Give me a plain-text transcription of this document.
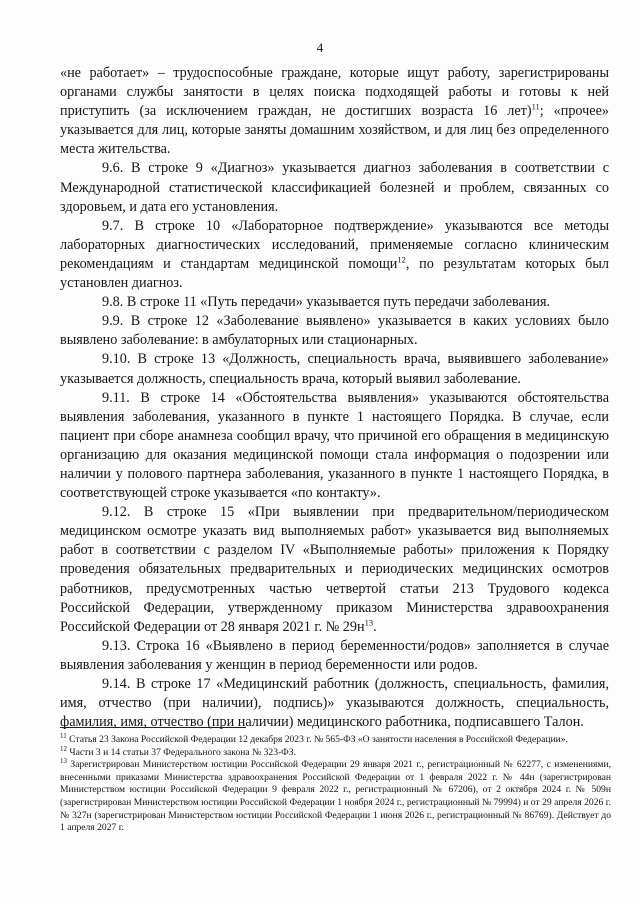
4

«не работает» – трудоспособные граждане, которые ищут работу, зарегистрированы органами службы занятости в целях поиска подходящей работы и готовы к ней приступить (за исключением граждан, не достигших возраста 16 лет)$^{11}$; «прочее» указывается для лиц, которые заняты домашним хозяйством, и для лиц без определенного места жительства.

9.6. В строке 9 «Диагноз» указывается диагноз заболевания в соответствии с Международной статистической классификацией болезней и проблем, связанных со здоровьем, и дата его установления.

9.7. В строке 10 «Лабораторное подтверждение» указываются все методы лабораторных диагностических исследований, применяемые согласно клиническим рекомендациям и стандартам медицинской помощи$^{12}$, по результатам которых был установлен диагноз.

9.8. В строке 11 «Путь передачи» указывается путь передачи заболевания.

9.9. В строке 12 «Заболевание выявлено» указывается в каких условиях было выявлено заболевание: в амбулаторных или стационарных.

9.10. В строке 13 «Должность, специальность врача, выявившего заболевание» указывается должность, специальность врача, который выявил заболевание.

9.11. В строке 14 «Обстоятельства выявления» указываются обстоятельства выявления заболевания, указанного в пункте 1 настоящего Порядка. В случае, если пациент при сборе анамнеза сообщил врачу, что причиной его обращения в медицинскую организацию для оказания медицинской помощи стала информация о подозрении или наличии у полового партнера заболевания, указанного в пункте 1 настоящего Порядка, в соответствующей строке указывается «по контакту».

9.12. В строке 15 «При выявлении при предварительном/периодическом медицинском осмотре указать вид выполняемых работ» указывается вид выполняемых работ в соответствии с разделом IV «Выполняемые работы» приложения к Порядку проведения обязательных предварительных и периодических медицинских осмотров работников, предусмотренных частью четвертой статьи 213 Трудового кодекса Российской Федерации, утвержденному приказом Министерства здравоохранения Российской Федерации от 28 января 2021 г. № $29н^{13}$.

9.13. Строка 16 «Выявлено в период беременности/родов» заполняется в случае выявления заболевания у женщин в период беременности или родов.

9.14. В строке 17 «Медицинский работник (должность, специальность, фамилия, имя, отчество (при наличии), подпись)» указываются должность, специальность, фамилия, имя, отчество (при наличии) медицинского работника, подписавшего Талон.

$^{11}$ Статья 23 Закона Российской Федерации 12 декабря 2023 г. № 565-ФЗ «О занятости населения в Российской Федерации».

$^{12}$ Части 3 и 14 статьи 37 Федерального закона № 323-ФЗ.

$^{13}$ Зарегистрирован Министерством юстиции Российской Федерации 29 января 2021 г., регистрационный № 62277, с изменениями, внесенными приказами Министерства здравоохранения Российской Федерации от 1 февраля 2022 г. № 44н (зарегистрирован Министерством юстиции Российской Федерации 9 февраля 2022 г., регистрационный № 67206), от 2 октября 2024 г. № 509н (зарегистрирован Министерством юстиции Российской Федерации 1 ноября 2024 г., регистрационный № 79994) и от 29 апреля 2026 г. № 327н (зарегистрирован Министерством юстиции Российской Федерации 1 июня 2026 г., регистрационный № 86769). Действует до 1 апреля 2027 г.
